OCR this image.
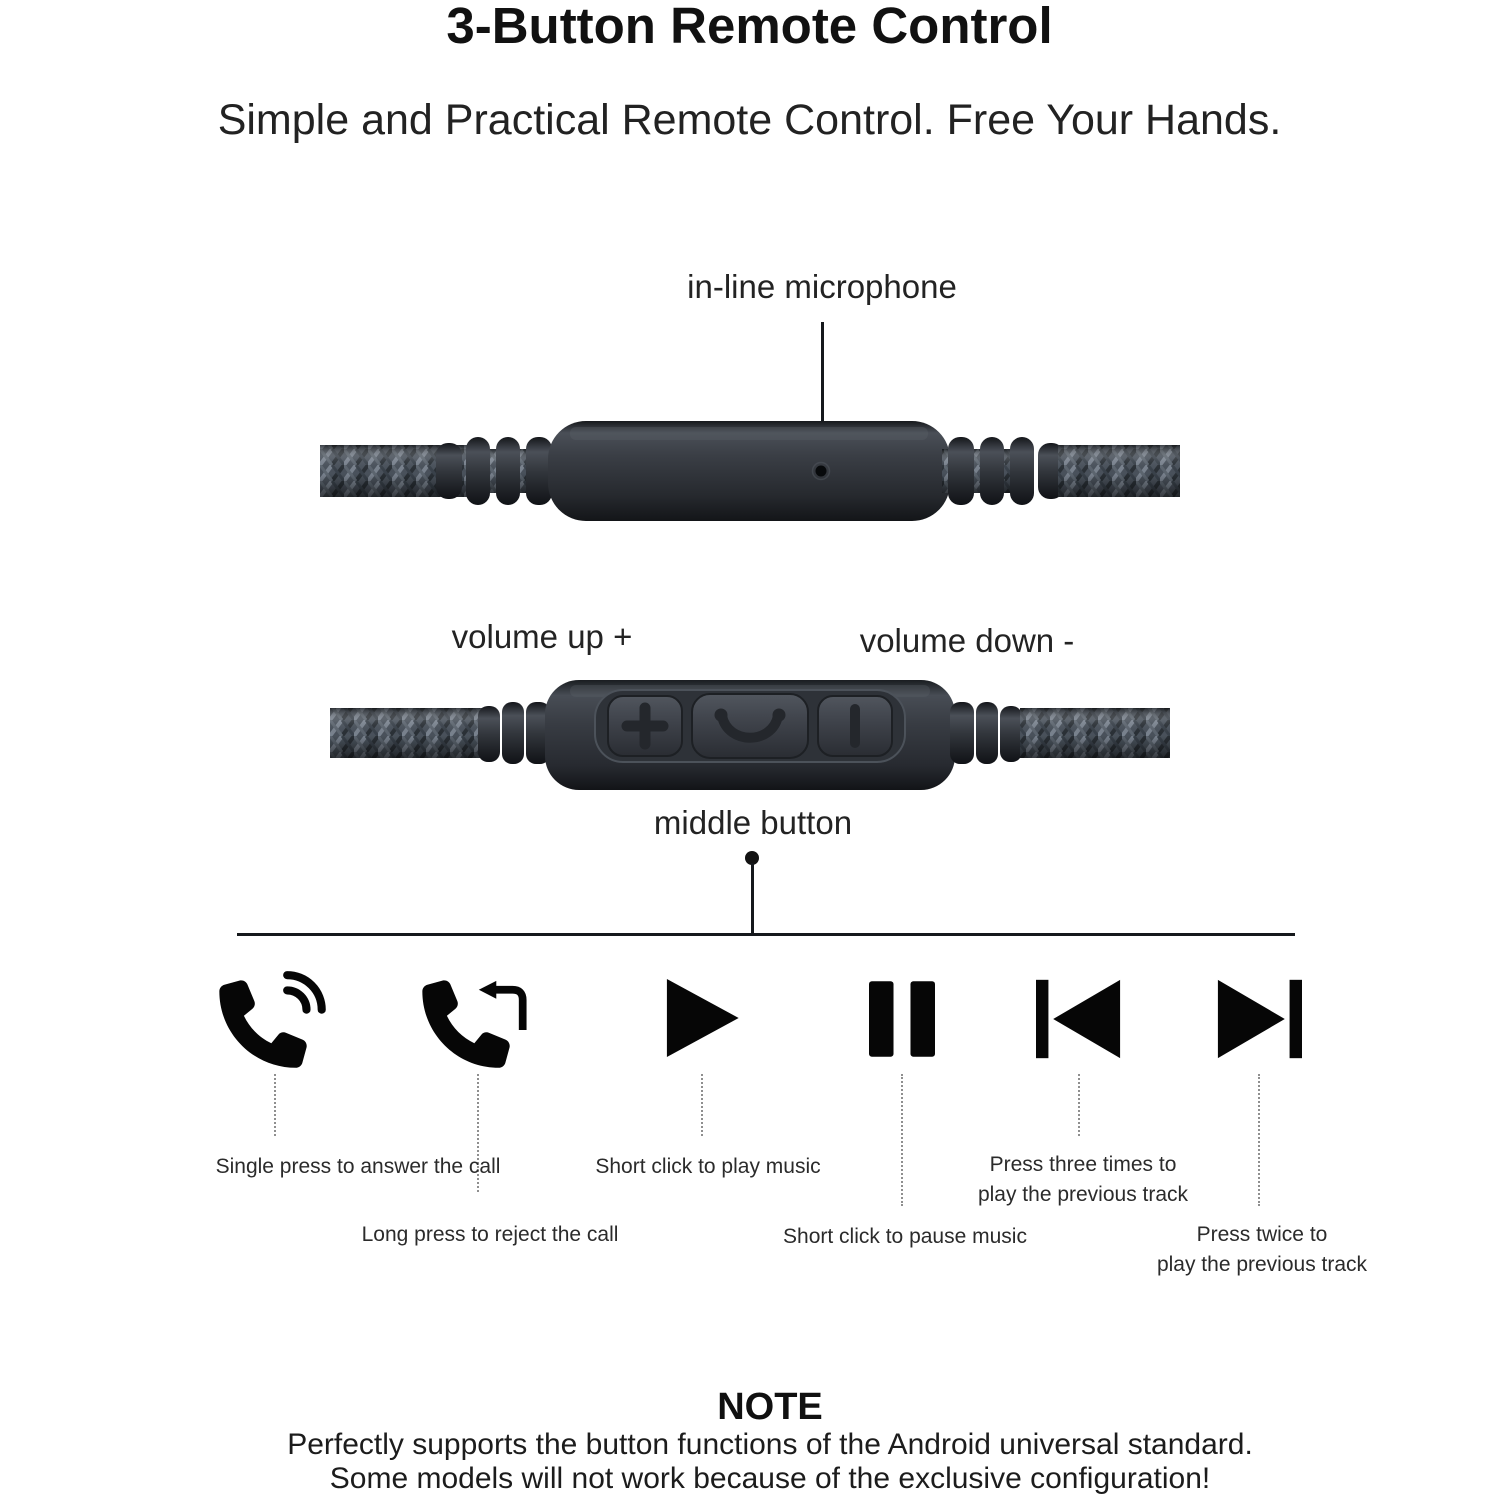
3-Button Remote Control
Simple and Practical Remote Control. Free Your Hands.
in-line microphone
volume up +	volume down -
middle button
Single press to answer the call
Long press to reject the call
Short click to play music
Short click to pause music
Press three times to
play the previous track
Press twice to
play the previous track
NOTE
Perfectly supports the button functions of the Android universal standard.
Some models will not work because of the exclusive configuration!
